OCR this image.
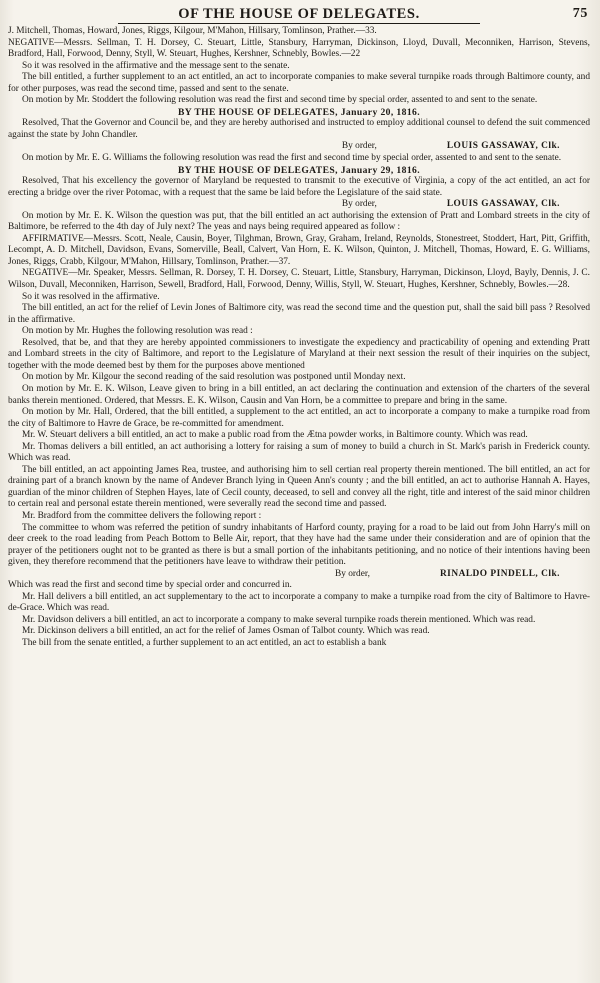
OF THE HOUSE OF DELEGATES.	75

J. Mitchell, Thomas, Howard, Jones, Riggs, Kilgour, M'Mahon, Hillsary, Tomlinson, Prather.—33.

NEGATIVE—Messrs. Sellman, T. H. Dorsey, C. Steuart, Little, Stansbury, Harryman, Dickinson, Lloyd, Duvall, Meconniken, Harrison, Stevens, Bradford, Hall, Forwood, Denny, Styll, W. Steuart, Hughes, Kershner, Schnebly, Bowles.—22

So it was resolved in the affirmative and the message sent to the senate.

The bill entitled, a further supplement to an act entitled, an act to incorporate companies to make several turnpike roads through Baltimore county, and for other purposes, was read the second time, passed and sent to the senate.

On motion by Mr. Stoddert the following resolution was read the first and second time by special order, assented to and sent to the senate.

BY THE HOUSE OF DELEGATES, January 20, 1816.

Resolved, That the Governor and Council be, and they are hereby authorised and instructed to employ additional counsel to defend the suit commenced against the state by John Chandler.

By order,	LOUIS GASSAWAY, Clk.

On motion by Mr. E. G. Williams the following resolution was read the first and second time by special order, assented to and sent to the senate.

BY THE HOUSE OF DELEGATES, January 29, 1816.

Resolved, That his excellency the governor of Maryland be requested to transmit to the executive of Virginia, a copy of the act entitled, an act for erecting a bridge over the river Potomac, with a request that the same be laid before the Legislature of the said state.

By order,	LOUIS GASSAWAY, Clk.

On motion by Mr. E. K. Wilson the question was put, that the bill entitled an act authorising the extension of Pratt and Lombard streets in the city of Baltimore, be referred to the 4th day of July next? The yeas and nays being required appeared as follow :

AFFIRMATIVE—Messrs. Scott, Neale, Causin, Boyer, Tilghman, Brown, Gray, Graham, Ireland, Reynolds, Stonestreet, Stoddert, Hart, Pitt, Griffith, Lecompt, A. D. Mitchell, Davidson, Evans, Somerville, Beall, Calvert, Van Horn, E. K. Wilson, Quinton, J. Mitchell, Thomas, Howard, E. G. Williams, Jones, Riggs, Crabb, Kilgour, M'Mahon, Hillsary, Tomlinson, Prather.—37.

NEGATIVE—Mr. Speaker, Messrs. Sellman, R. Dorsey, T. H. Dorsey, C. Steuart, Little, Stansbury, Harryman, Dickinson, Lloyd, Bayly, Dennis, J. C. Wilson, Duvall, Meconniken, Harrison, Sewell, Bradford, Hall, Forwood, Denny, Willis, Styll, W. Steuart, Hughes, Kershner, Schnebly, Bowles.—28.

So it was resolved in the affirmative.

The bill entitled, an act for the relief of Levin Jones of Baltimore city, was read the second time and the question put, shall the said bill pass ? Resolved in the affirmative.

On motion by Mr. Hughes the following resolution was read :

Resolved, that be, and that they are hereby appointed commissioners to investigate the expediency and practicability of opening and extending Pratt and Lombard streets in the city of Baltimore, and report to the Legislature of Maryland at their next session the result of their inquiries on the subject, together with the mode deemed best by them for the purposes above mentioned

On motion by Mr. Kilgour the second reading of the said resolution was postponed until Monday next.

On motion by Mr. E. K. Wilson, Leave given to bring in a bill entitled, an act declaring the continuation and extension of the charters of the several banks therein mentioned. Ordered, that Messrs. E. K. Wilson, Causin and Van Horn, be a committee to prepare and bring in the same.

On motion by Mr. Hall, Ordered, that the bill entitled, a supplement to the act entitled, an act to incorporate a company to make a turnpike road from the city of Baltimore to Havre de Grace, be re-committed for amendment.

Mr. W. Steuart delivers a bill entitled, an act to make a public road from the Ætna powder works, in Baltimore county. Which was read.

Mr. Thomas delivers a bill entitled, an act authorising a lottery for raising a sum of money to build a church in St. Mark's parish in Frederick county. Which was read.

The bill entitled, an act appointing James Rea, trustee, and authorising him to sell certian real property therein mentioned. The bill entitled, an act for draining part of a branch known by the name of Andever Branch lying in Queen Ann's county ; and the bill entitled, an act to authorise Hannah A. Hayes, guardian of the minor children of Stephen Hayes, late of Cecil county, deceased, to sell and convey all the right, title and interest of the said minor children to certain real and personal estate therein mentioned, were severally read the second time and passed.

Mr. Bradford from the committee delivers the following report :

The committee to whom was referred the petition of sundry inhabitants of Harford county, praying for a road to be laid out from John Harry's mill on deer creek to the road leading from Peach Bottom to Belle Air, report, that they have had the same under their consideration and are of opinion that the prayer of the petitioners ought not to be granted as there is but a small portion of the inhabitants petitioning, and no notice of their intentions having been given, they therefore recommend that the petitioners have leave to withdraw their petition.

By order,	RINALDO PINDELL, Clk.

Which was read the first and second time by special order and concurred in.

Mr. Hall delivers a bill entitled, an act supplementary to the act to incorporate a company to make a turnpike road from the city of Baltimore to Havre-de-Grace. Which was read.

Mr. Davidson delivers a bill entitled, an act to incorporate a company to make several turnpike roads therein mentioned. Which was read.

Mr. Dickinson delivers a bill entitled, an act for the relief of James Osman of Talbot county. Which was read.

The bill from the senate entitled, a further supplement to an act entitled, an act to establish a bank
